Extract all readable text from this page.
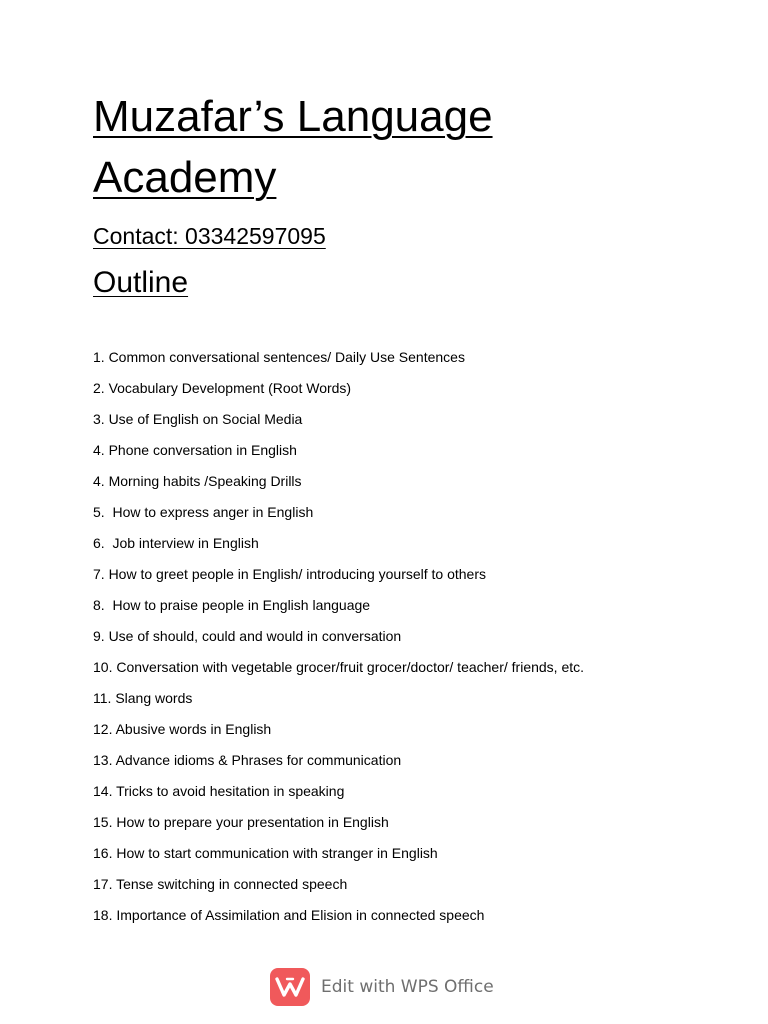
Muzafar’s Language Academy

Contact: 03342597095

Outline
1. Common conversational sentences/ Daily Use Sentences
2. Vocabulary Development (Root Words)
3. Use of English on Social Media
4. Phone conversation in English
4. Morning habits /Speaking Drills
5.  How to express anger in English
6.  Job interview in English
7. How to greet people in English/ introducing yourself to others
8.  How to praise people in English language
9. Use of should, could and would in conversation
10. Conversation with vegetable grocer/fruit grocer/doctor/ teacher/ friends, etc.
11. Slang words
12. Abusive words in English
13. Advance idioms & Phrases for communication
14. Tricks to avoid hesitation in speaking
15. How to prepare your presentation in English
16. How to start communication with stranger in English
17. Tense switching in connected speech
18. Importance of Assimilation and Elision in connected speech
Edit with WPS Office
